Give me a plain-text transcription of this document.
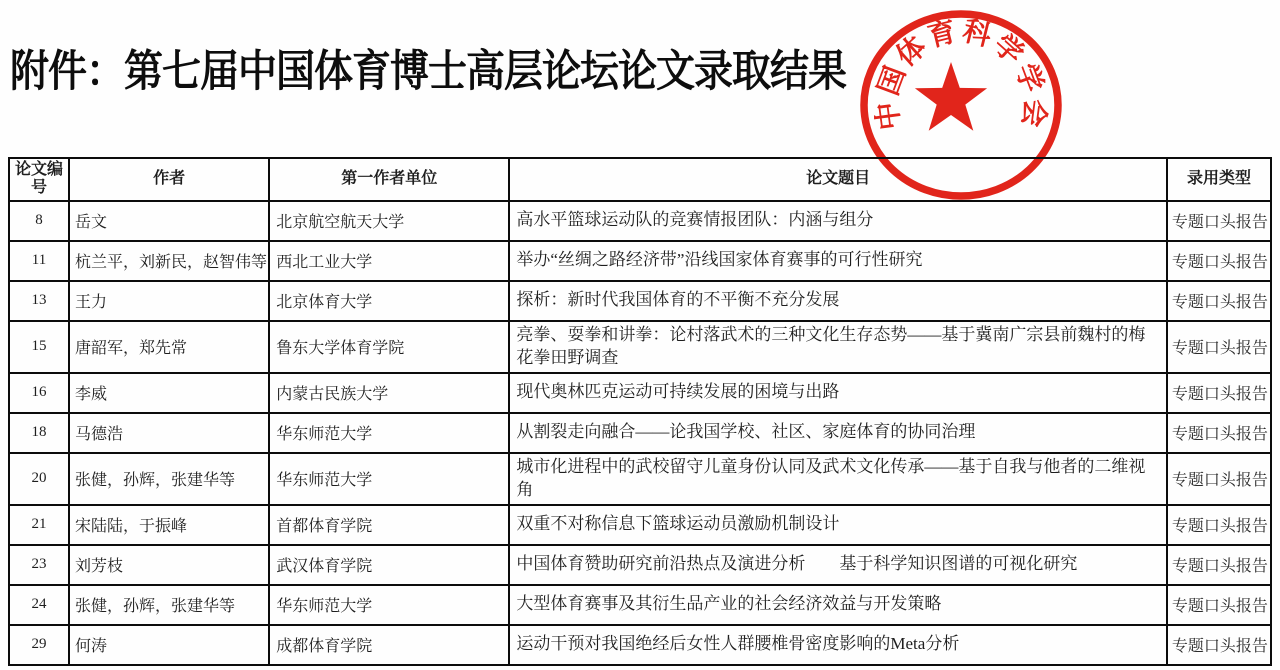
附件：第七届中国体育博士高层论坛论文录取结果
中国体育科学学会
论文编号	作者	第一作者单位	论文题目	录用类型
8	岳文	北京航空航天大学	高水平篮球运动队的竞赛情报团队：内涵与组分	专题口头报告
11	杭兰平，刘新民，赵智伟等	西北工业大学	举办“丝绸之路经济带”沿线国家体育赛事的可行性研究	专题口头报告
13	王力	北京体育大学	探析：新时代我国体育的不平衡不充分发展	专题口头报告
15	唐韶军，郑先常	鲁东大学体育学院	亮拳、耍拳和讲拳：论村落武术的三种文化生存态势——基于冀南广宗县前魏村的梅花拳田野调查	专题口头报告
16	李威	内蒙古民族大学	现代奥林匹克运动可持续发展的困境与出路	专题口头报告
18	马德浩	华东师范大学	从割裂走向融合——论我国学校、社区、家庭体育的协同治理	专题口头报告
20	张健，孙辉，张建华等	华东师范大学	城市化进程中的武校留守儿童身份认同及武术文化传承——基于自我与他者的二维视角	专题口头报告
21	宋陆陆，于振峰	首都体育学院	双重不对称信息下篮球运动员激励机制设计	专题口头报告
23	刘芳枝	武汉体育学院	中国体育赞助研究前沿热点及演进分析　　基于科学知识图谱的可视化研究	专题口头报告
24	张健，孙辉，张建华等	华东师范大学	大型体育赛事及其衍生品产业的社会经济效益与开发策略	专题口头报告
29	何涛	成都体育学院	运动干预对我国绝经后女性人群腰椎骨密度影响的Meta分析	专题口头报告
